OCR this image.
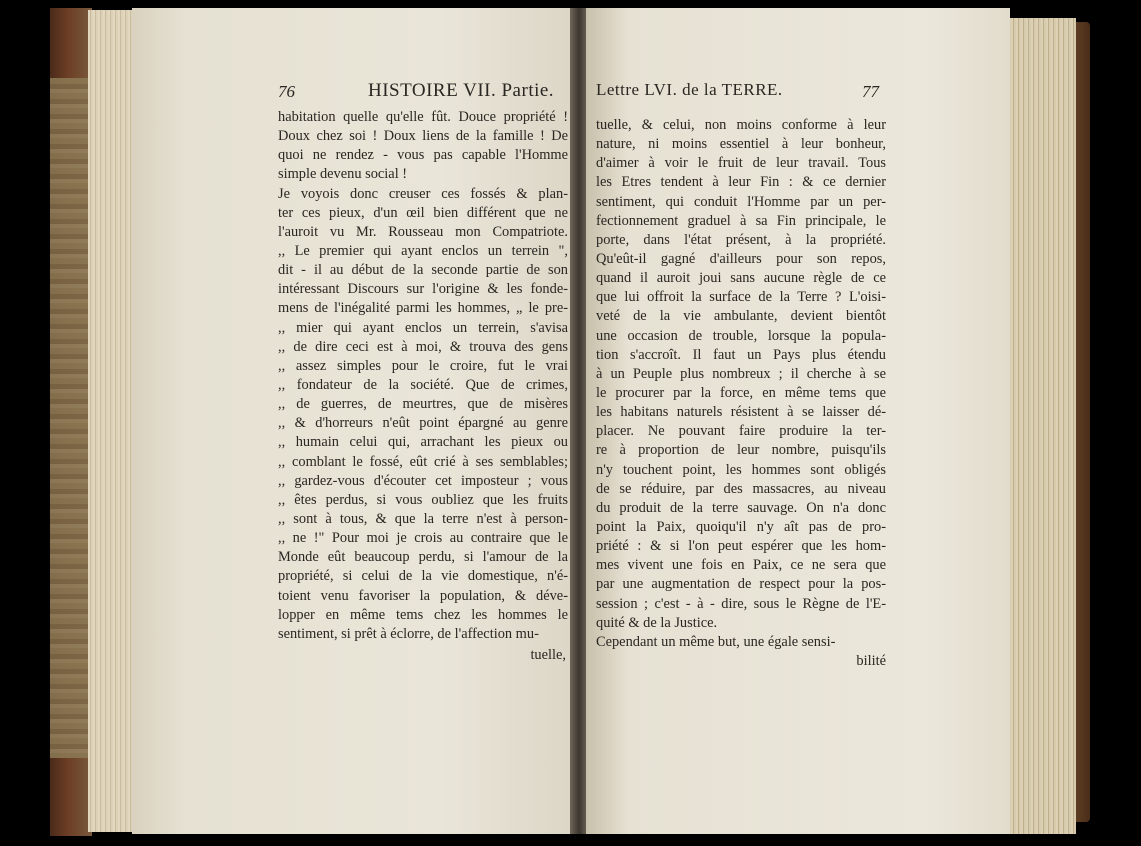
76	HISTOIRE VII. Partie.
habitation quelle qu'elle fût. Douce propriété !
Doux chez soi ! Doux liens de la famille ! De
quoi ne rendez - vous pas capable l'Homme
simple devenu social !
Je voyois donc creuser ces fossés & plan-
ter ces pieux, d'un œil bien différent que ne
l'auroit vu Mr. Rousseau mon Compatriote.
,, Le premier qui ayant enclos un terrein ",
dit - il au début de la seconde partie de son
intéressant Discours sur l'origine & les fonde-
mens de l'inégalité parmi les hommes, „ le pre-
,, mier qui ayant enclos un terrein, s'avisa
,, de dire ceci est à moi, & trouva des gens
,, assez simples pour le croire, fut le vrai
,, fondateur de la société. Que de crimes,
,, de guerres, de meurtres, que de misères
,, & d'horreurs n'eût point épargné au genre
,, humain celui qui, arrachant les pieux ou
,, comblant le fossé, eût crié à ses semblables;
,, gardez-vous d'écouter cet imposteur ; vous
,, êtes perdus, si vous oubliez que les fruits
,, sont à tous, & que la terre n'est à person-
,, ne !" Pour moi je crois au contraire que le
Monde eût beaucoup perdu, si l'amour de la
propriété, si celui de la vie domestique, n'é-
toient venu favoriser la population, & déve-
lopper en même tems chez les hommes le
sentiment, si prêt à éclorre, de l'affection mu-
tuelle,
Lettre LVI. de la TERRE.	77
tuelle, & celui, non moins conforme à leur
nature, ni moins essentiel à leur bonheur,
d'aimer à voir le fruit de leur travail. Tous
les Etres tendent à leur Fin : & ce dernier
sentiment, qui conduit l'Homme par un per-
fectionnement graduel à sa Fin principale, le
porte, dans l'état présent, à la propriété.
Qu'eût-il gagné d'ailleurs pour son repos,
quand il auroit joui sans aucune règle de ce
que lui offroit la surface de la Terre ? L'oisi-
veté de la vie ambulante, devient bientôt
une occasion de trouble, lorsque la popula-
tion s'accroît. Il faut un Pays plus étendu
à un Peuple plus nombreux ; il cherche à se
le procurer par la force, en même tems que
les habitans naturels résistent à se laisser dé-
placer. Ne pouvant faire produire la ter-
re à proportion de leur nombre, puisqu'ils
n'y touchent point, les hommes sont obligés
de se réduire, par des massacres, au niveau
du produit de la terre sauvage. On n'a donc
point la Paix, quoiqu'il n'y aît pas de pro-
priété : & si l'on peut espérer que les hom-
mes vivent une fois en Paix, ce ne sera que
par une augmentation de respect pour la pos-
session ; c'est - à - dire, sous le Règne de l'E-
quité & de la Justice.
Cependant un même but, une égale sensi-
bilité
